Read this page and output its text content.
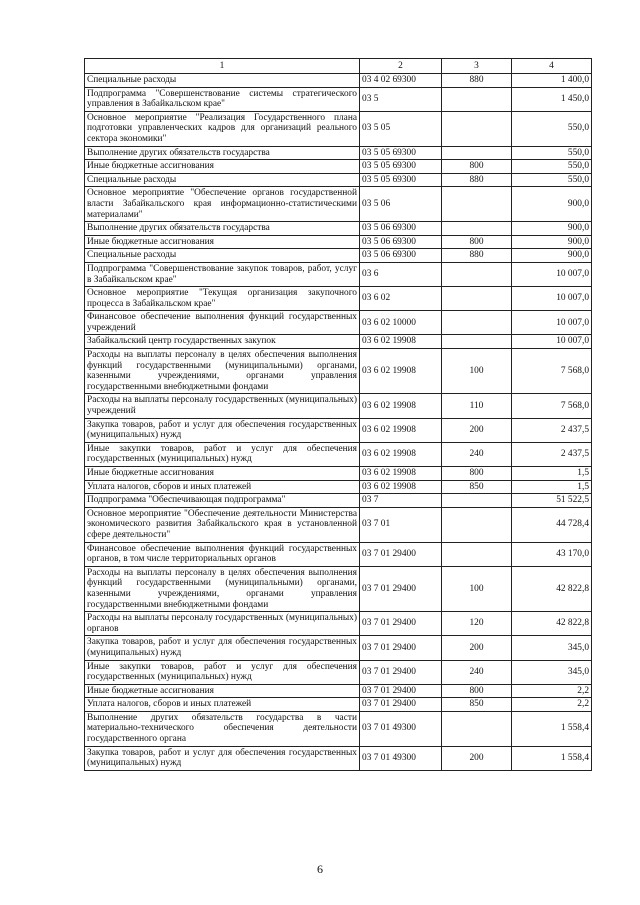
1	2	3	4
Специальные расходы	03 4 02 69300	880	1 400,0
Подпрограмма "Совершенствование системы стратегического управления в Забайкальском крае"	03 5		1 450,0
Основное мероприятие "Реализация Государственного плана подготовки управленческих кадров для организаций реального сектора экономики"	03 5 05		550,0
Выполнение других обязательств государства	03 5 05 69300		550,0
Иные бюджетные ассигнования	03 5 05 69300	800	550,0
Специальные расходы	03 5 05 69300	880	550,0
Основное мероприятие "Обеспечение органов государственной власти Забайкальского края информационно-статистическими материалами"	03 5 06		900,0
Выполнение других обязательств государства	03 5 06 69300		900,0
Иные бюджетные ассигнования	03 5 06 69300	800	900,0
Специальные расходы	03 5 06 69300	880	900,0
Подпрограмма "Совершенствование закупок товаров, работ, услуг в Забайкальском крае"	03 6		10 007,0
Основное мероприятие "Текущая организация закупочного процесса в Забайкальском крае"	03 6 02		10 007,0
Финансовое обеспечение выполнения функций государственных учреждений	03 6 02 10000		10 007,0
Забайкальский центр государственных закупок	03 6 02 19908		10 007,0
Расходы на выплаты персоналу в целях обеспечения выполнения функций государственными (муниципальными) органами, казенными учреждениями, органами управления государственными внебюджетными фондами	03 6 02 19908	100	7 568,0
Расходы на выплаты персоналу государственных (муниципальных) учреждений	03 6 02 19908	110	7 568,0
Закупка товаров, работ и услуг для обеспечения государственных (муниципальных) нужд	03 6 02 19908	200	2 437,5
Иные закупки товаров, работ и услуг для обеспечения государственных (муниципальных) нужд	03 6 02 19908	240	2 437,5
Иные бюджетные ассигнования	03 6 02 19908	800	1,5
Уплата налогов, сборов и иных платежей	03 6 02 19908	850	1,5
Подпрограмма "Обеспечивающая подпрограмма"	03 7		51 522,5
Основное мероприятие "Обеспечение деятельности Министерства экономического развития Забайкальского края в установленной сфере деятельности"	03 7 01		44 728,4
Финансовое обеспечение выполнения функций государственных органов, в том числе территориальных органов	03 7 01 29400		43 170,0
Расходы на выплаты персоналу в целях обеспечения выполнения функций государственными (муниципальными) органами, казенными учреждениями, органами управления государственными внебюджетными фондами	03 7 01 29400	100	42 822,8
Расходы на выплаты персоналу государственных (муниципальных) органов	03 7 01 29400	120	42 822,8
Закупка товаров, работ и услуг для обеспечения государственных (муниципальных) нужд	03 7 01 29400	200	345,0
Иные закупки товаров, работ и услуг для обеспечения государственных (муниципальных) нужд	03 7 01 29400	240	345,0
Иные бюджетные ассигнования	03 7 01 29400	800	2,2
Уплата налогов, сборов и иных платежей	03 7 01 29400	850	2,2
Выполнение других обязательств государства в части материально-технического обеспечения деятельности государственного органа	03 7 01 49300		1 558,4
Закупка товаров, работ и услуг для обеспечения государственных (муниципальных) нужд	03 7 01 49300	200	1 558,4
6
